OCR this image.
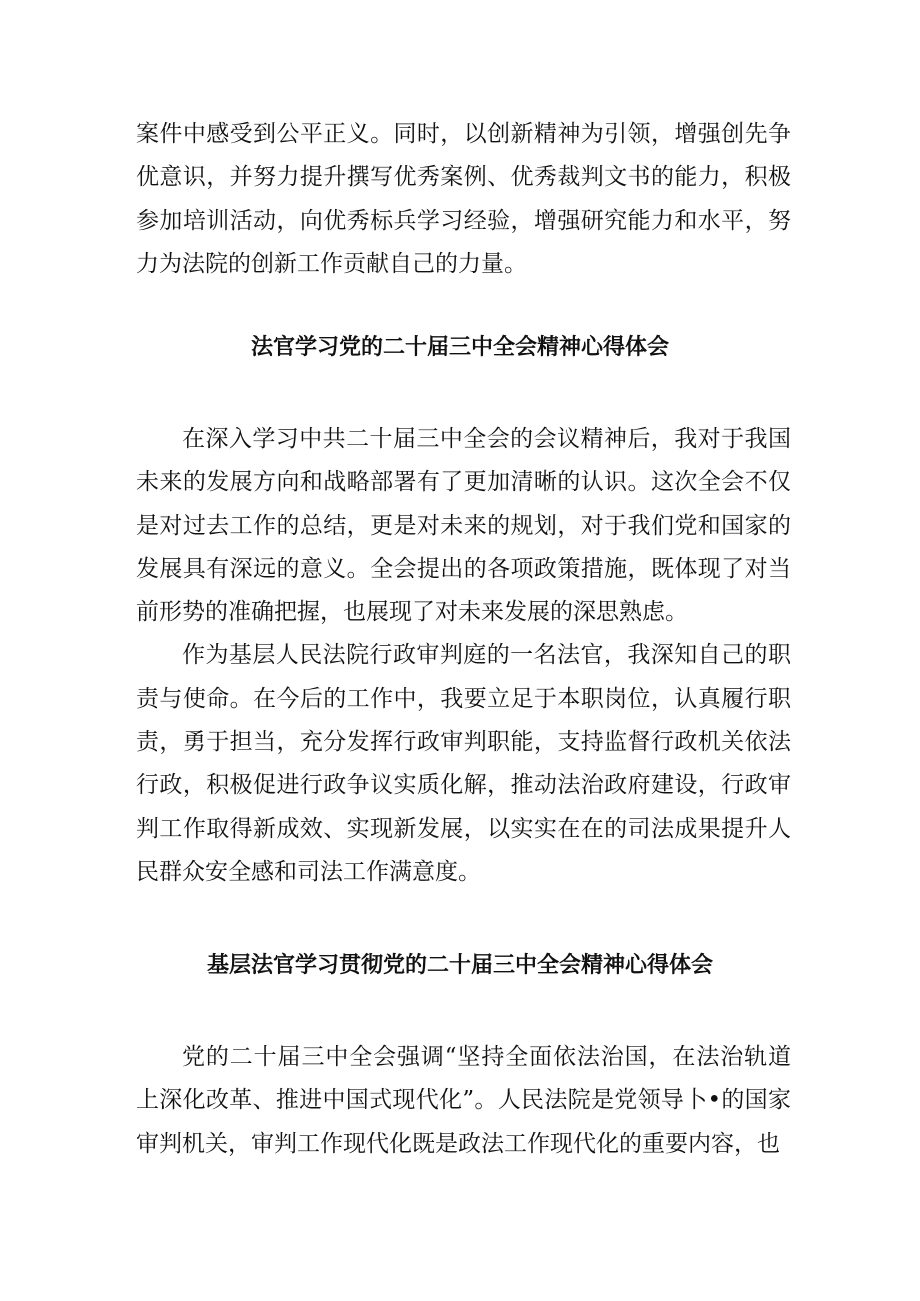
案件中感受到公平正义。同时，以创新精神为引领，增强创先争优意识，并努力提升撰写优秀案例、优秀裁判文书的能力，积极参加培训活动，向优秀标兵学习经验，增强研究能力和水平，努力为法院的创新工作贡献自己的力量。

法官学习党的二十届三中全会精神心得体会

在深入学习中共二十届三中全会的会议精神后，我对于我国未来的发展方向和战略部署有了更加清晰的认识。这次全会不仅是对过去工作的总结，更是对未来的规划，对于我们党和国家的发展具有深远的意义。全会提出的各项政策措施，既体现了对当前形势的准确把握，也展现了对未来发展的深思熟虑。

作为基层人民法院行政审判庭的一名法官，我深知自己的职责与使命。在今后的工作中，我要立足于本职岗位，认真履行职责，勇于担当，充分发挥行政审判职能，支持监督行政机关依法行政，积极促进行政争议实质化解，推动法治政府建设，行政审判工作取得新成效、实现新发展，以实实在在的司法成果提升人民群众安全感和司法工作满意度。

基层法官学习贯彻党的二十届三中全会精神心得体会

党的二十届三中全会强调“坚持全面依法治国，在法治轨道上深化改革、推进中国式现代化”。人民法院是党领导卜•的国家审判机关，审判工作现代化既是政法工作现代化的重要内容，也
